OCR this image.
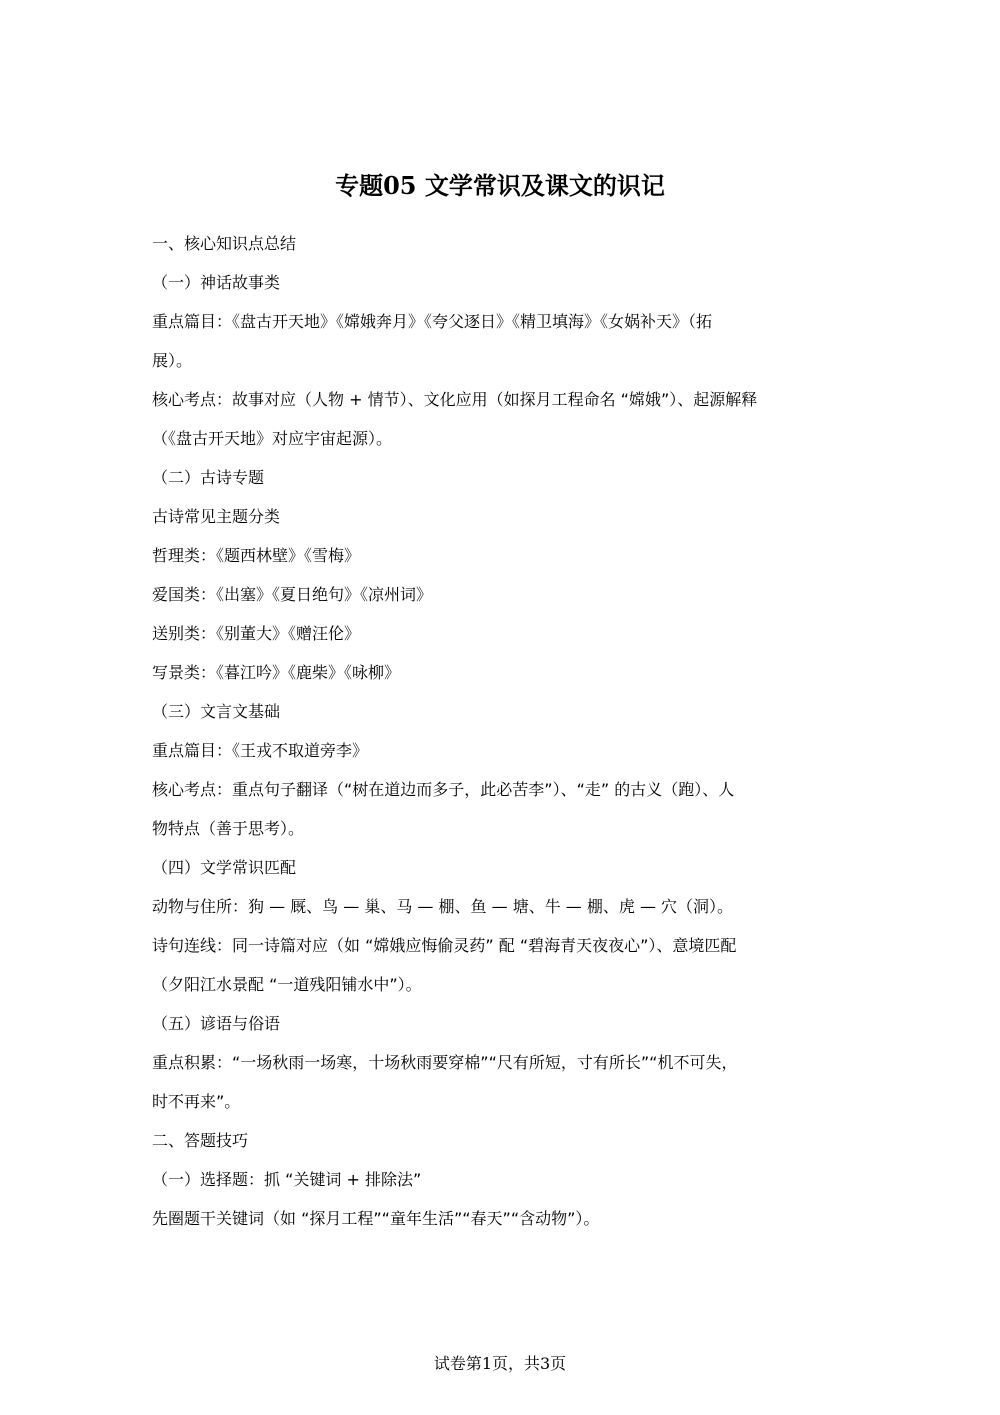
专题05 文学常识及课文的识记

一、核心知识点总结

（一）神话故事类

重点篇目：《盘古开天地》《嫦娥奔月》《夸父逐日》《精卫填海》《女娲补天》（拓

展）。

核心考点：故事对应（人物 + 情节）、文化应用（如探月工程命名 “嫦娥”）、起源解释

（《盘古开天地》对应宇宙起源）。

（二）古诗专题

古诗常见主题分类

哲理类：《题西林壁》《雪梅》

爱国类：《出塞》《夏日绝句》《凉州词》

送别类：《别董大》《赠汪伦》

写景类：《暮江吟》《鹿柴》《咏柳》

（三）文言文基础

重点篇目：《王戎不取道旁李》

核心考点：重点句子翻译（“树在道边而多子，此必苦李”）、“走” 的古义（跑）、人

物特点（善于思考）。

（四）文学常识匹配

动物与住所：狗 — 厩、鸟 — 巢、马 — 棚、鱼 — 塘、牛 — 棚、虎 — 穴（洞）。

诗句连线：同一诗篇对应（如 “嫦娥应悔偷灵药” 配 “碧海青天夜夜心”）、意境匹配

（夕阳江水景配 “一道残阳铺水中”）。

（五）谚语与俗语

重点积累：“一场秋雨一场寒，十场秋雨要穿棉”“尺有所短，寸有所长”“机不可失，

时不再来”。

二、答题技巧

（一）选择题：抓 “关键词 + 排除法”

先圈题干关键词（如 “探月工程”“童年生活”“春天”“含动物”）。

试卷第1页，共3页
